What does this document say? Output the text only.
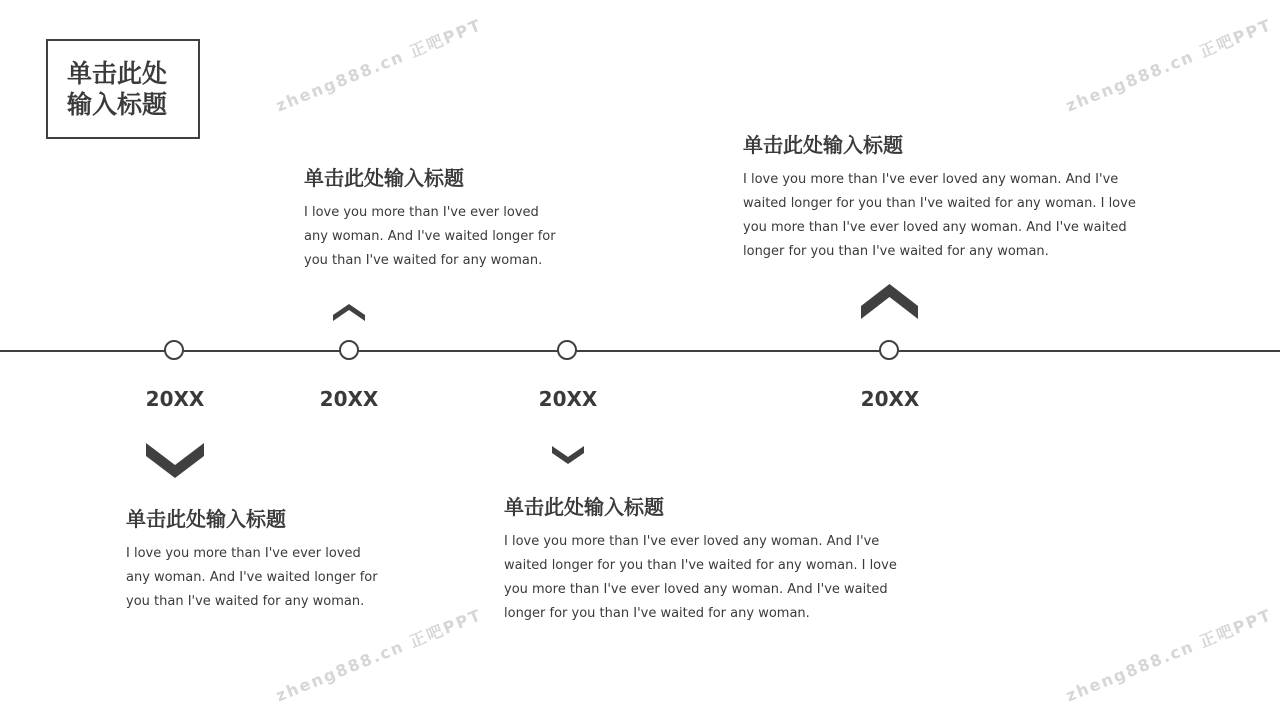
单击此处输入标题
20XX	20XX	20XX	20XX
单击此处输入标题

I love you more than I've ever loved any woman. And I've waited longer for you than I've waited for any woman.

单击此处输入标题

I love you more than I've ever loved any woman. And I've waited longer for you than I've waited for any woman.

单击此处输入标题

I love you more than I've ever loved any woman. And I've waited longer for you than I've waited for any woman. I love you more than I've ever loved any woman. And I've waited longer for you than I've waited for any woman.

单击此处输入标题

I love you more than I've ever loved any woman. And I've waited longer for you than I've waited for any woman. I love you more than I've ever loved any woman. And I've waited longer for you than I've waited for any woman.

zheng888.cn 正吧PPT	zheng888.cn 正吧PPT
zheng888.cn 正吧PPT	zheng888.cn 正吧PPT
